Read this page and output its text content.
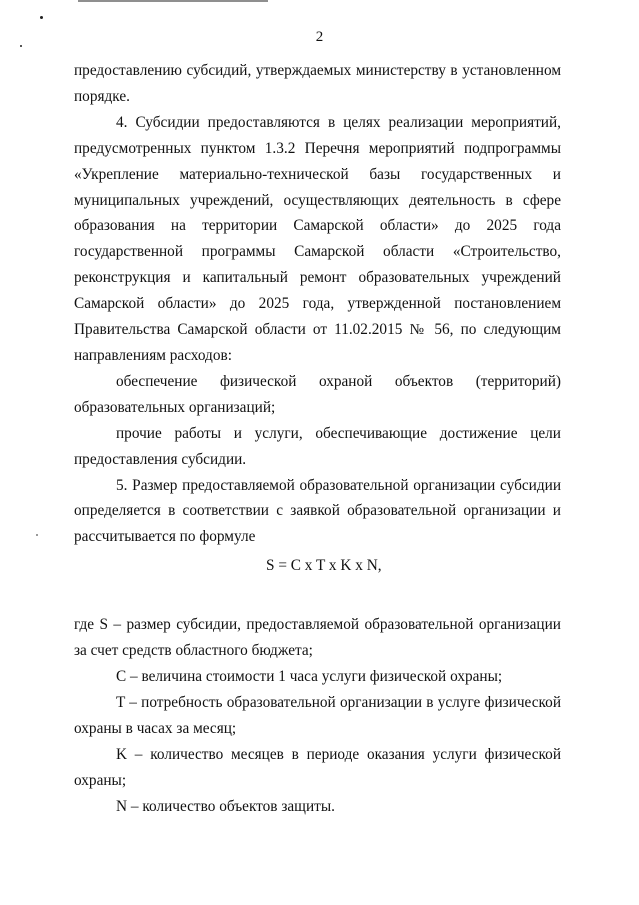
2

предоставлению субсидий, утверждаемых министерству в установленном порядке.

4. Субсидии предоставляются в целях реализации мероприятий, предусмотренных пунктом 1.3.2 Перечня мероприятий подпрограммы «Укрепление материально-технической базы государственных и муниципальных учреждений, осуществляющих деятельность в сфере образования на территории Самарской области» до 2025 года государственной программы Самарской области «Строительство, реконструкция и капитальный ремонт образовательных учреждений Самарской области» до 2025 года, утвержденной постановлением Правительства Самарской области от 11.02.2015 № 56, по следующим направлениям расходов:

обеспечение физической охраной объектов (территорий) образовательных организаций;

прочие работы и услуги, обеспечивающие достижение цели предоставления субсидии.

5. Размер предоставляемой образовательной организации субсидии определяется в соответствии с заявкой образовательной организации и рассчитывается по формуле

S = C x T x K x N,

где S – размер субсидии, предоставляемой образовательной организации за счет средств областного бюджета;

C – величина стоимости 1 часа услуги физической охраны;

T – потребность образовательной организации в услуге физической охраны в часах за месяц;

K – количество месяцев в периоде оказания услуги физической охраны;

N – количество объектов защиты.
